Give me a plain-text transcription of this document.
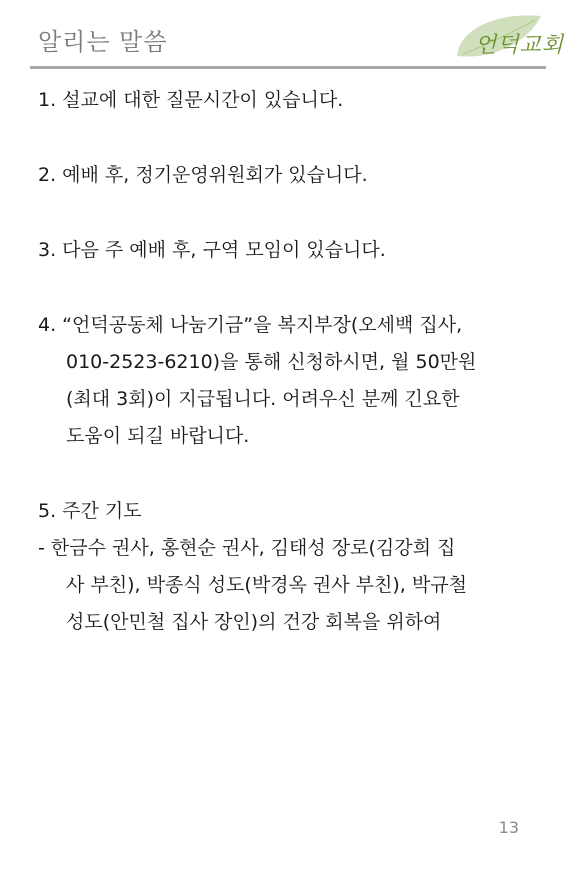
알리는 말씀	언덕교회
1. 설교에 대한 질문시간이 있습니다.
2. 예배 후, 정기운영위원회가 있습니다.
3. 다음 주 예배 후, 구역 모임이 있습니다.
4. “언덕공동체 나눔기금”을 복지부장(오세백 집사,
010-2523-6210)을 통해 신청하시면, 월 50만원
(최대 3회)이 지급됩니다. 어려우신 분께 긴요한
도움이 되길 바랍니다.
5. 주간 기도
- 한금수 권사, 홍현순 권사, 김태성 장로(김강희 집
사 부친), 박종식 성도(박경옥 권사 부친), 박규철
성도(안민철 집사 장인)의 건강 회복을 위하여
13
